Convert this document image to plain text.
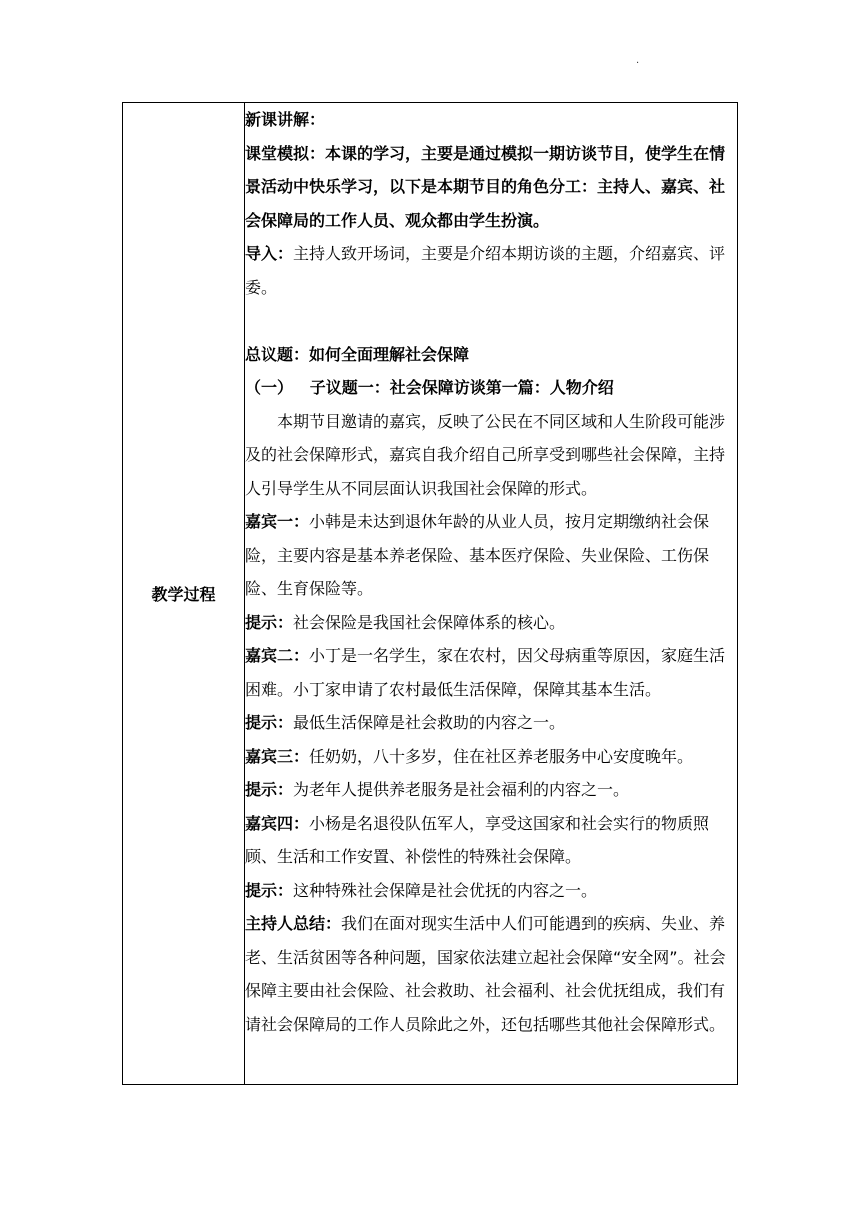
.
教学过程	

新课讲解：

课堂模拟：本课的学习，主要是通过模拟一期访谈节目，使学生在情景活动中快乐学习，以下是本期节目的角色分工：主持人、嘉宾、社会保障局的工作人员、观众都由学生扮演。

导入：主持人致开场词，主要是介绍本期访谈的主题，介绍嘉宾、评委。

总议题：如何全面理解社会保障

（一） 子议题一：社会保障访谈第一篇：人物介绍

本期节目邀请的嘉宾，反映了公民在不同区域和人生阶段可能涉及的社会保障形式，嘉宾自我介绍自己所享受到哪些社会保障，主持人引导学生从不同层面认识我国社会保障的形式。

嘉宾一：小韩是未达到退休年龄的从业人员，按月定期缴纳社会保险，主要内容是基本养老保险、基本医疗保险、失业保险、工伤保险、生育保险等。

提示：社会保险是我国社会保障体系的核心。

嘉宾二：小丁是一名学生，家在农村，因父母病重等原因，家庭生活困难。小丁家申请了农村最低生活保障，保障其基本生活。

提示：最低生活保障是社会救助的内容之一。

嘉宾三：任奶奶，八十多岁，住在社区养老服务中心安度晚年。

提示：为老年人提供养老服务是社会福利的内容之一。

嘉宾四：小杨是名退役队伍军人，享受这国家和社会实行的物质照顾、生活和工作安置、补偿性的特殊社会保障。

提示：这种特殊社会保障是社会优抚的内容之一。

主持人总结：我们在面对现实生活中人们可能遇到的疾病、失业、养老、生活贫困等各种问题，国家依法建立起社会保障“安全网”。社会保障主要由社会保险、社会救助、社会福利、社会优抚组成，我们有请社会保障局的工作人员除此之外，还包括哪些其他社会保障形式。
